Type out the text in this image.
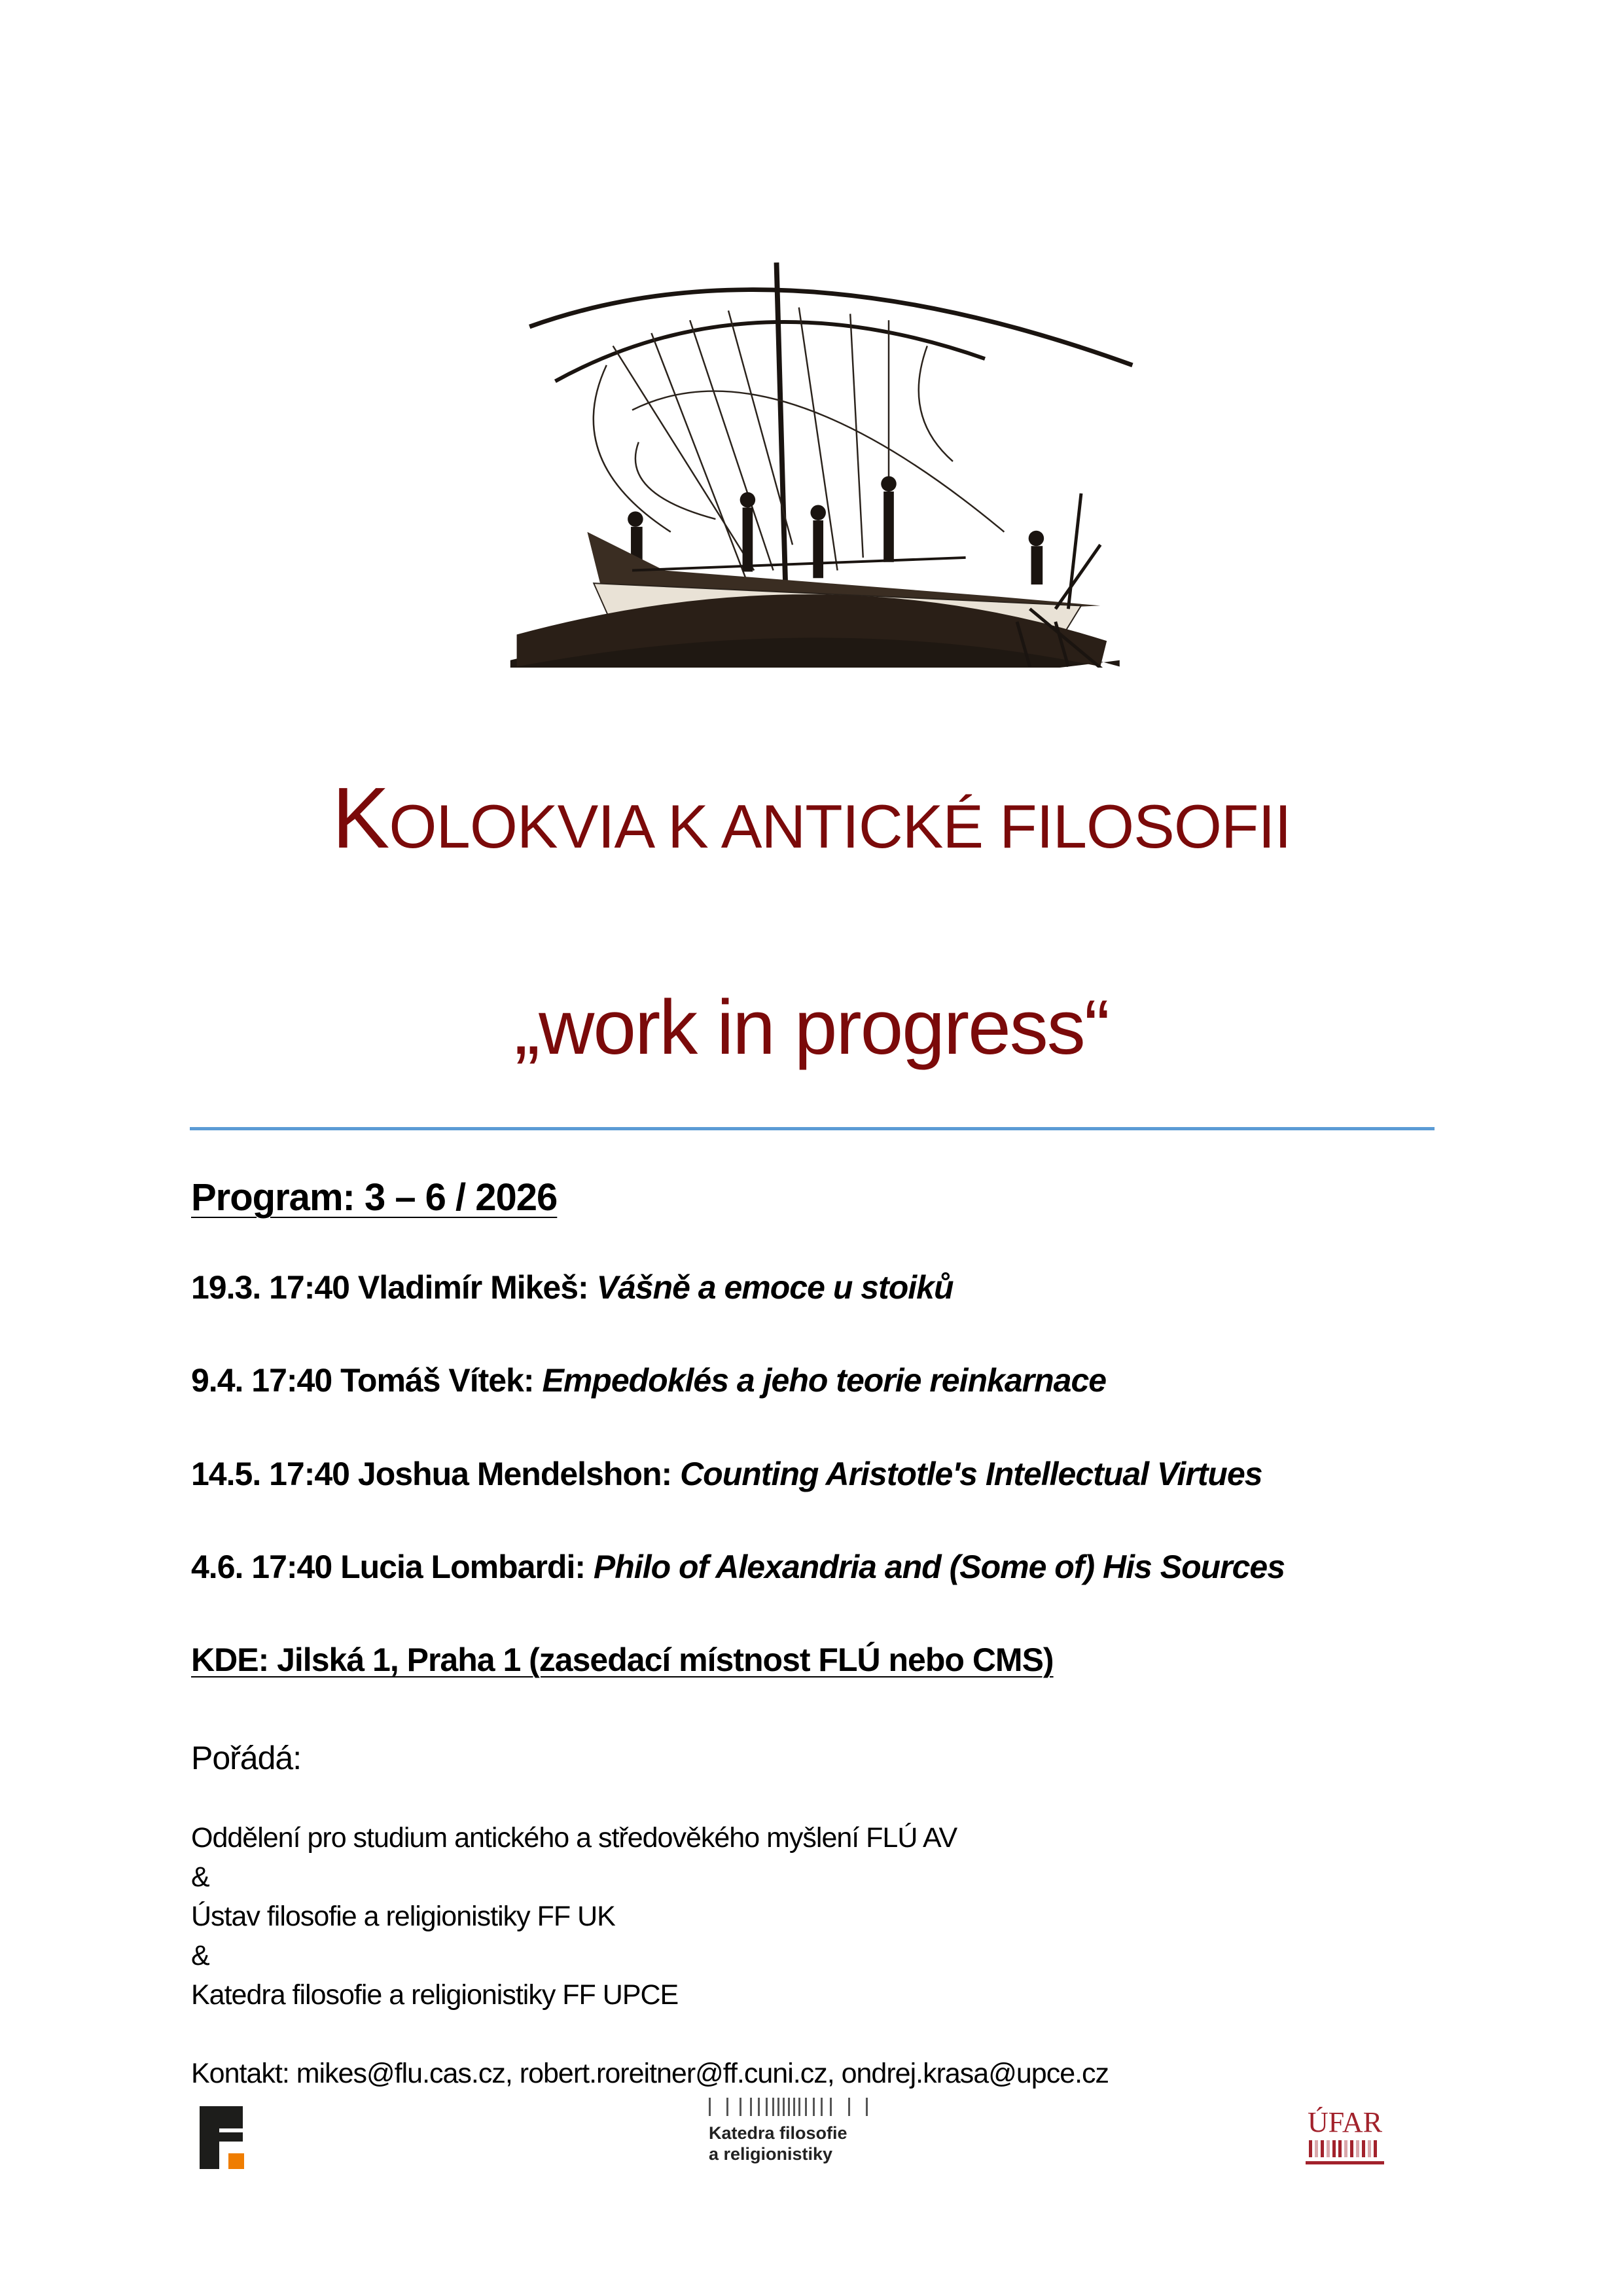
KOLOKVIA K ANTICKÉ FILOSOFII
„work in progress“
Program: 3 – 6 / 2026
19.3. 17:40 Vladimír Mikeš: Vášně a emoce u stoiků
9.4. 17:40 Tomáš Vítek: Empedoklés a jeho teorie reinkarnace
14.5. 17:40 Joshua Mendelshon: Counting Aristotle's Intellectual Virtues
4.6. 17:40 Lucia Lombardi: Philo of Alexandria and (Some of) His Sources
KDE: Jilská 1, Praha 1 (zasedací místnost FLÚ nebo CMS)
Pořádá:
Oddělení pro studium antického a středověkého myšlení FLÚ AV
&
Ústav filosofie a religionistiky FF UK
&
Katedra filosofie a religionistiky FF UPCE
Kontakt: mikes@flu.cas.cz, robert.roreitner@ff.cuni.cz, ondrej.krasa@upce.cz
Katedra filosofie
a religionistiky
ÚFAR
